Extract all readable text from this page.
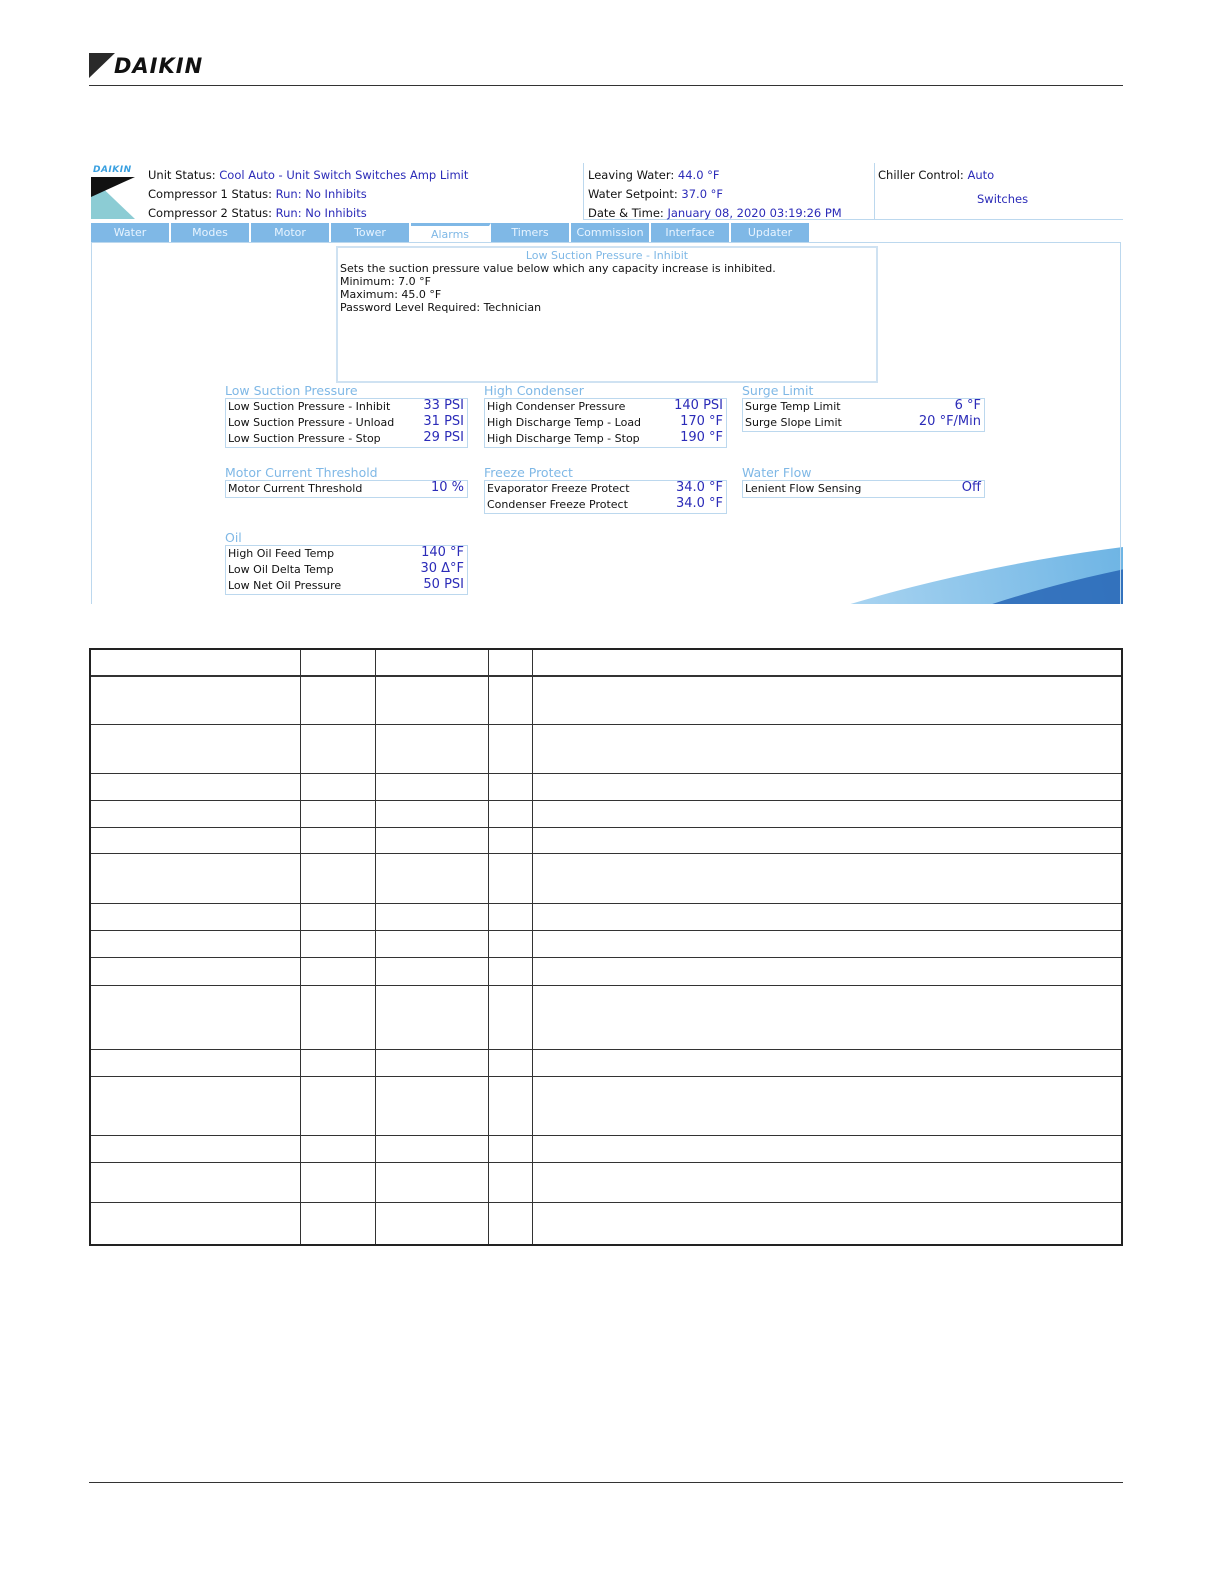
DAIKIN
DAIKIN Unit Status: Cool Auto - Unit Switch Switches Amp Limit
Compressor 1 Status: Run: No Inhibits
Compressor 2 Status: Run: No Inhibits
Leaving Water: 44.0 °F
Water Setpoint: 37.0 °F
Date & Time: January 08, 2020 03:19:26 PM
Chiller Control: Auto
Switches
Water	Modes	Motor	Tower	Alarms	Timers	Commission	Interface	Updater
Low Suction Pressure - Inhibit
Sets the suction pressure value below which any capacity increase is inhibited.
Minimum: 7.0 °F
Maximum: 45.0 °F
Password Level Required: Technician
Low Suction Pressure
Low Suction Pressure - Inhibit	33 PSI
Low Suction Pressure - Unload 31 PSI
Low Suction Pressure - Stop	29 PSI
High Condenser
High Condenser Pressure	140 PSI
High Discharge Temp - Load	170 °F
High Discharge Temp - Stop	190 °F
Surge Limit
Surge Temp Limit	6 °F
Surge Slope Limit	20 °F/Min
Motor Current Threshold
Motor Current Threshold	10 %
Freeze Protect
Evaporator Freeze Protect	34.0 °F
Condenser Freeze Protect	34.0 °F
Water Flow
Lenient Flow Sensing	Off
Oil
High Oil Feed Temp	140 °F
Low Oil Delta Temp	30 Δ°F
Low Net Oil Pressure	50 PSI
